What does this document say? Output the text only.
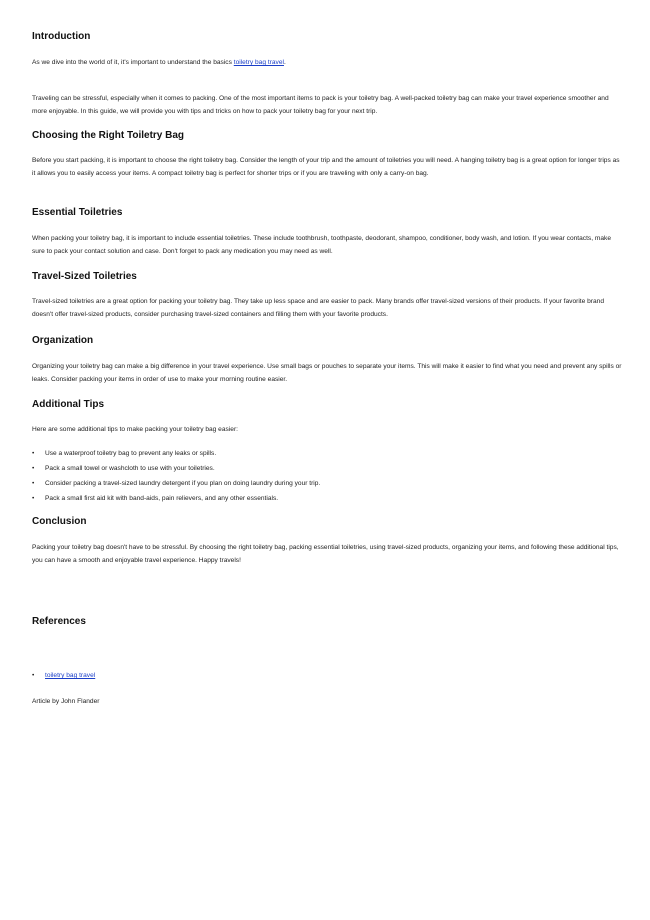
Introduction

As we dive into the world of it, it's important to understand the basics toiletry bag travel.

Traveling can be stressful, especially when it comes to packing. One of the most important items to pack is your toiletry bag. A well-packed toiletry bag can make your travel experience smoother and more enjoyable. In this guide, we will provide you with tips and tricks on how to pack your toiletry bag for your next trip.

Choosing the Right Toiletry Bag

Before you start packing, it is important to choose the right toiletry bag. Consider the length of your trip and the amount of toiletries you will need. A hanging toiletry bag is a great option for longer trips as it allows you to easily access your items. A compact toiletry bag is perfect for shorter trips or if you are traveling with only a carry-on bag.

Essential Toiletries

When packing your toiletry bag, it is important to include essential toiletries. These include toothbrush, toothpaste, deodorant, shampoo, conditioner, body wash, and lotion. If you wear contacts, make sure to pack your contact solution and case. Don't forget to pack any medication you may need as well.

Travel-Sized Toiletries

Travel-sized toiletries are a great option for packing your toiletry bag. They take up less space and are easier to pack. Many brands offer travel-sized versions of their products. If your favorite brand doesn't offer travel-sized products, consider purchasing travel-sized containers and filling them with your favorite products.

Organization

Organizing your toiletry bag can make a big difference in your travel experience. Use small bags or pouches to separate your items. This will make it easier to find what you need and prevent any spills or leaks. Consider packing your items in order of use to make your morning routine easier.

Additional Tips

Here are some additional tips to make packing your toiletry bag easier:

• Use a waterproof toiletry bag to prevent any leaks or spills.
• Pack a small towel or washcloth to use with your toiletries.
• Consider packing a travel-sized laundry detergent if you plan on doing laundry during your trip.
• Pack a small first aid kit with band-aids, pain relievers, and any other essentials.
Conclusion

Packing your toiletry bag doesn't have to be stressful. By choosing the right toiletry bag, packing essential toiletries, using travel-sized products, organizing your items, and following these additional tips, you can have a smooth and enjoyable travel experience. Happy travels!

References
• toiletry bag travel

Article by John Flander
